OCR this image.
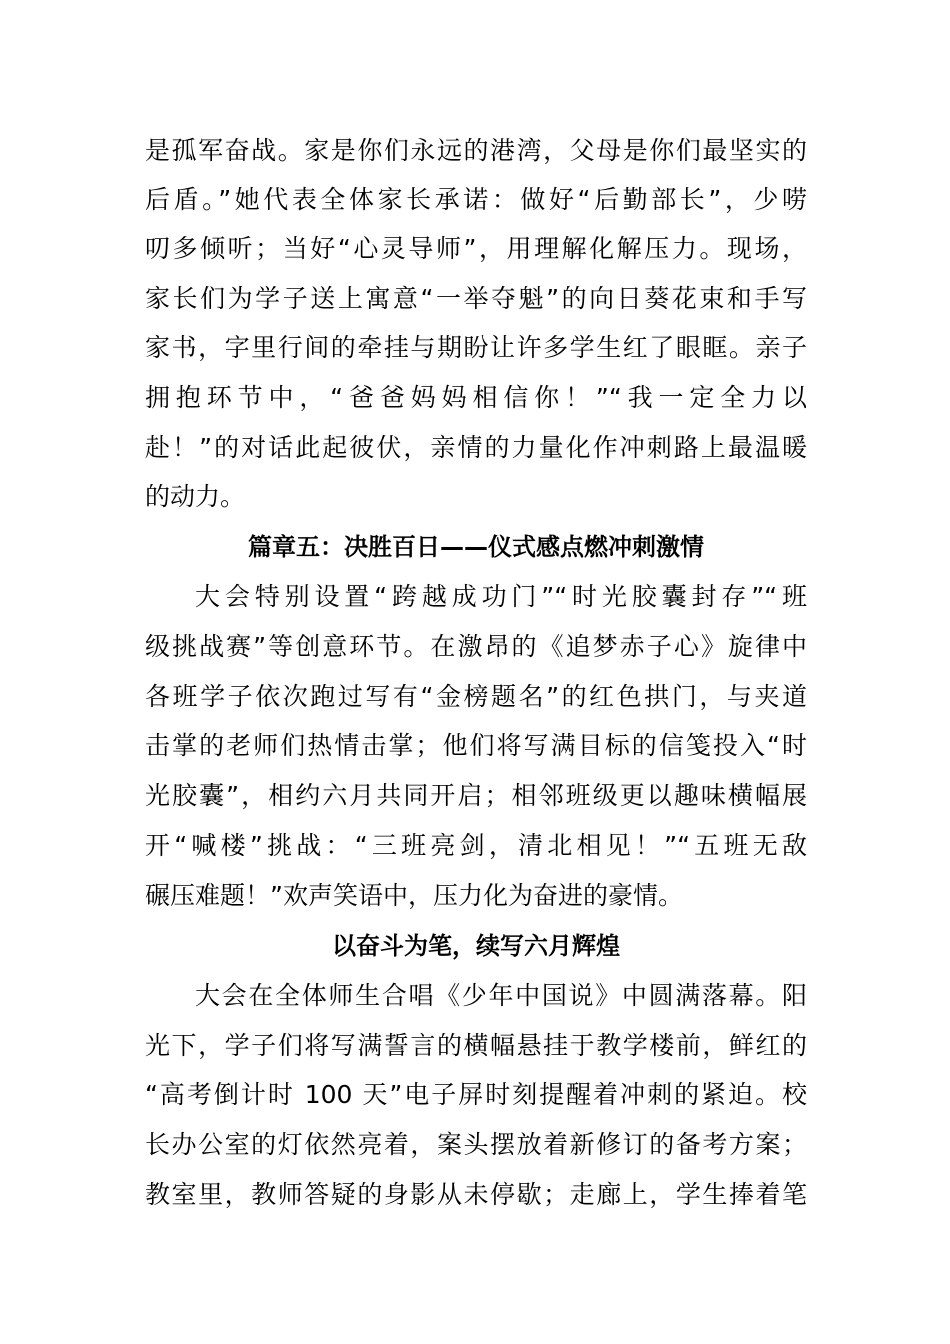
是孤军奋战。家是你们永远的港湾，父母是你们最坚实的
后盾。”她代表全体家长承诺：做好“后勤部长”，少唠
叨多倾听；当好“心灵导师”，用理解化解压力。现场，
家长们为学子送上寓意“一举夺魁”的向日葵花束和手写
家书，字里行间的牵挂与期盼让许多学生红了眼眶。亲子
拥抱环节中，“爸爸妈妈相信你！”“我一定全力以
赴！”的对话此起彼伏，亲情的力量化作冲刺路上最温暖
的动力。
篇章五：决胜百日——仪式感点燃冲刺激情
大会特别设置“跨越成功门”“时光胶囊封存”“班
级挑战赛”等创意环节。在激昂的《追梦赤子心》旋律中
各班学子依次跑过写有“金榜题名”的红色拱门，与夹道
击掌的老师们热情击掌；他们将写满目标的信笺投入“时
光胶囊”，相约六月共同开启；相邻班级更以趣味横幅展
开“喊楼”挑战：“三班亮剑，清北相见！”“五班无敌
碾压难题！”欢声笑语中，压力化为奋进的豪情。
以奋斗为笔，续写六月辉煌
大会在全体师生合唱《少年中国说》中圆满落幕。阳
光下，学子们将写满誓言的横幅悬挂于教学楼前，鲜红的
“高考倒计时 100 天”电子屏时刻提醒着冲刺的紧迫。校
长办公室的灯依然亮着，案头摆放着新修订的备考方案；
教室里，教师答疑的身影从未停歇；走廊上，学生捧着笔
